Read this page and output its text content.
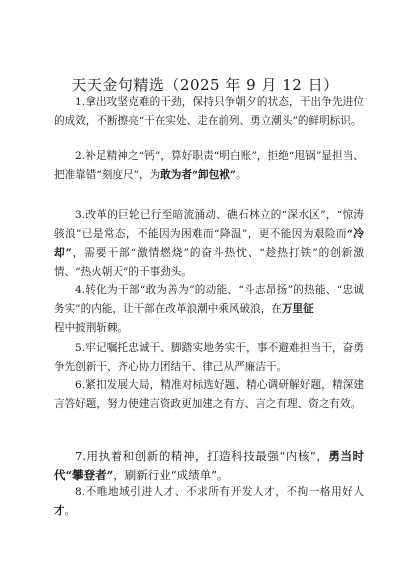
天天金句精选（2025 年 9 月 12 日）

1.拿出攻坚克难的干劲，保持只争朝夕的状态，干出争先进位的成效，不断擦亮“干在实处、走在前列、勇立潮头”的鲜明标识。

2.补足精神之“钙”，算好职责“明白账”，拒绝“甩锅”显担当、把准靠错“刻度尺”，为敢为者“卸包袱”。

3.改革的巨轮已行至暗流涌动、礁石林立的“深水区”，“惊涛骇浪”已是常态，不能因为困难而“降温”，更不能因为艰险而“冷却”，需要干部“激情燃烧”的奋斗热忱、“趁热打铁”的创新激情、“热火朝天”的干事劲头。

4.转化为干部“敢为善为”的动能、“斗志昂扬”的热能、“忠诚务实”的内能，让干部在改革浪潮中乘风破浪，在万里征

程中披荆斩棘。

5.牢记嘱托忠诚干、脚踏实地务实干，事不避难担当干，奋勇争先创新干、齐心协力团结干、律己从严廉洁干。

6.紧扣发展大局，精准对标选好题、精心调研解好题，精深建言答好题，努力使建言资政更加建之有方、言之有理、资之有效。

7.用执着和创新的精神，打造科技最强“内核”，勇当时代“攀登者”，刷新行业“成绩单”。

8.不唯地域引进人才、不求所有开发人才，不拘一格用好人才。
